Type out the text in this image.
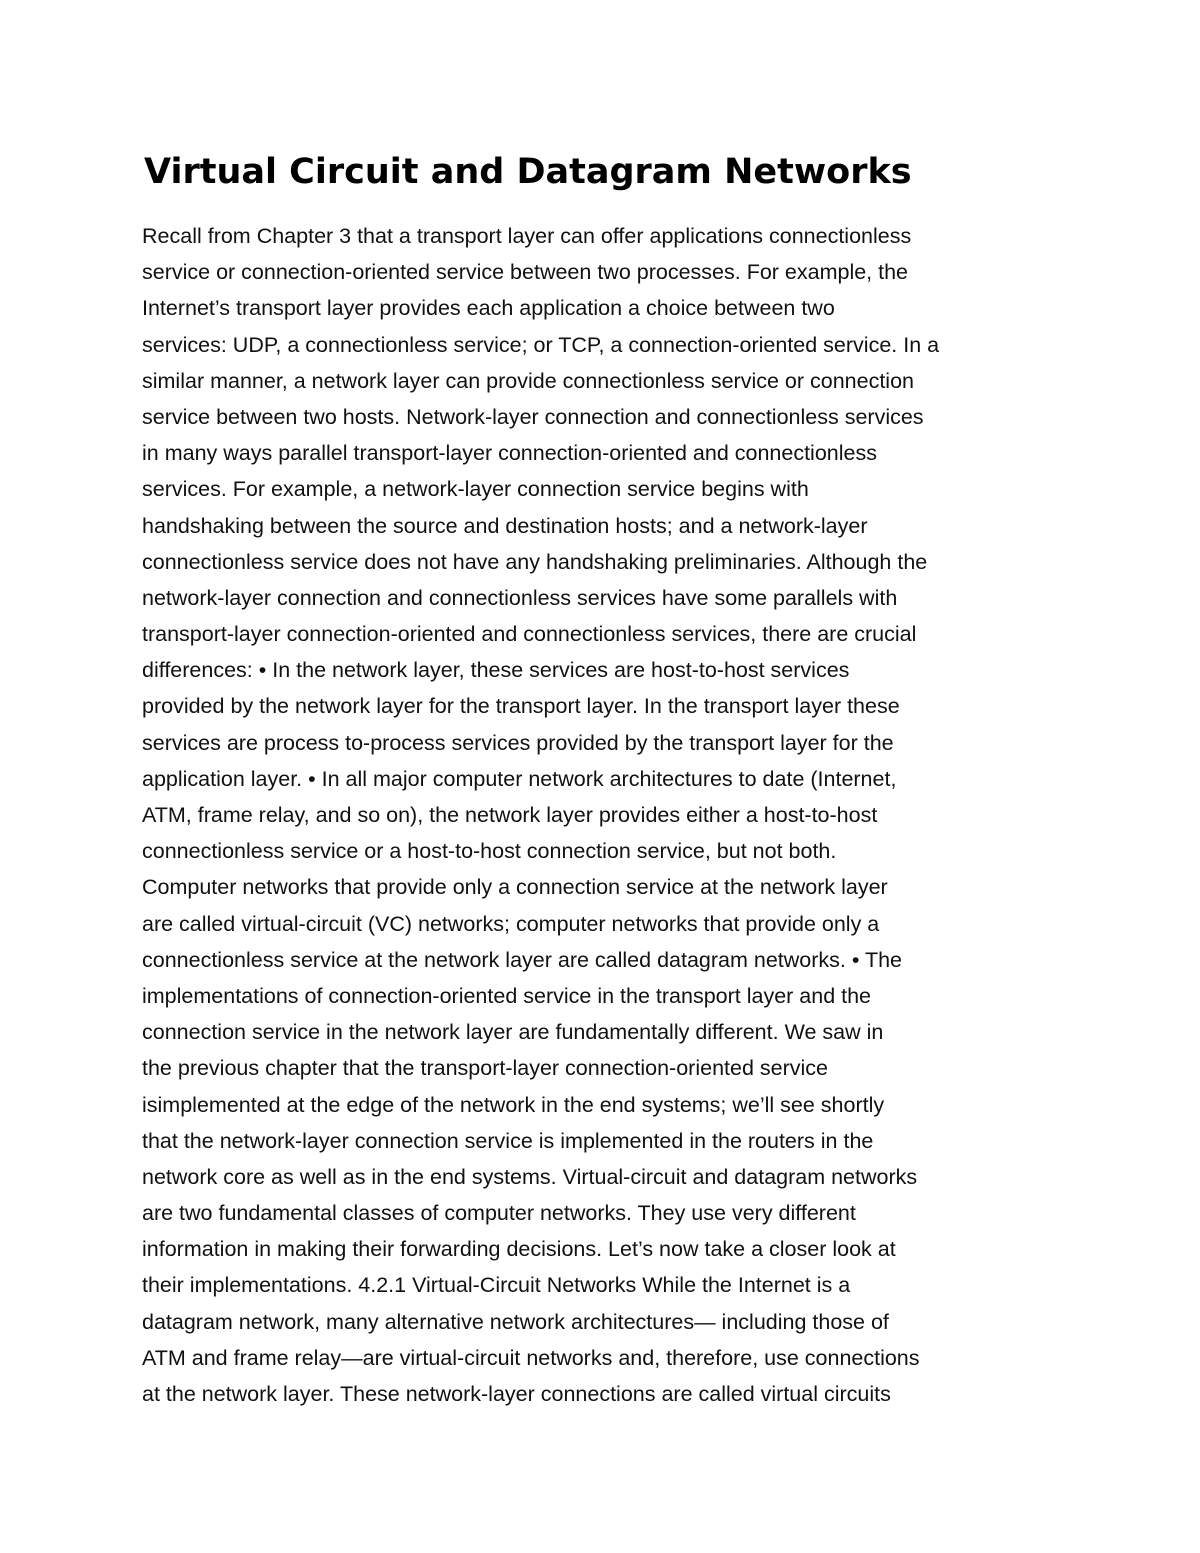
Virtual Circuit and Datagram Networks
Recall from Chapter 3 that a transport layer can offer applications connectionless
service or connection-oriented service between two processes. For example, the
Internet’s transport layer provides each application a choice between two
services: UDP, a connectionless service; or TCP, a connection-oriented service. In a
similar manner, a network layer can provide connectionless service or connection
service between two hosts. Network-layer connection and connectionless services
in many ways parallel transport-layer connection-oriented and connectionless
services. For example, a network-layer connection service begins with
handshaking between the source and destination hosts; and a network-layer
connectionless service does not have any handshaking preliminaries. Although the
network-layer connection and connectionless services have some parallels with
transport-layer connection-oriented and connectionless services, there are crucial
differences: • In the network layer, these services are host-to-host services
provided by the network layer for the transport layer. In the transport layer these
services are process to-process services provided by the transport layer for the
application layer. • In all major computer network architectures to date (Internet,
ATM, frame relay, and so on), the network layer provides either a host-to-host
connectionless service or a host-to-host connection service, but not both.
Computer networks that provide only a connection service at the network layer
are called virtual-circuit (VC) networks; computer networks that provide only a
connectionless service at the network layer are called datagram networks. • The
implementations of connection-oriented service in the transport layer and the
connection service in the network layer are fundamentally different. We saw in
the previous chapter that the transport-layer connection-oriented service
isimplemented at the edge of the network in the end systems; we’ll see shortly
that the network-layer connection service is implemented in the routers in the
network core as well as in the end systems. Virtual-circuit and datagram networks
are two fundamental classes of computer networks. They use very different
information in making their forwarding decisions. Let’s now take a closer look at
their implementations. 4.2.1 Virtual-Circuit Networks While the Internet is a
datagram network, many alternative network architectures— including those of
ATM and frame relay—are virtual-circuit networks and, therefore, use connections
at the network layer. These network-layer connections are called virtual circuits
